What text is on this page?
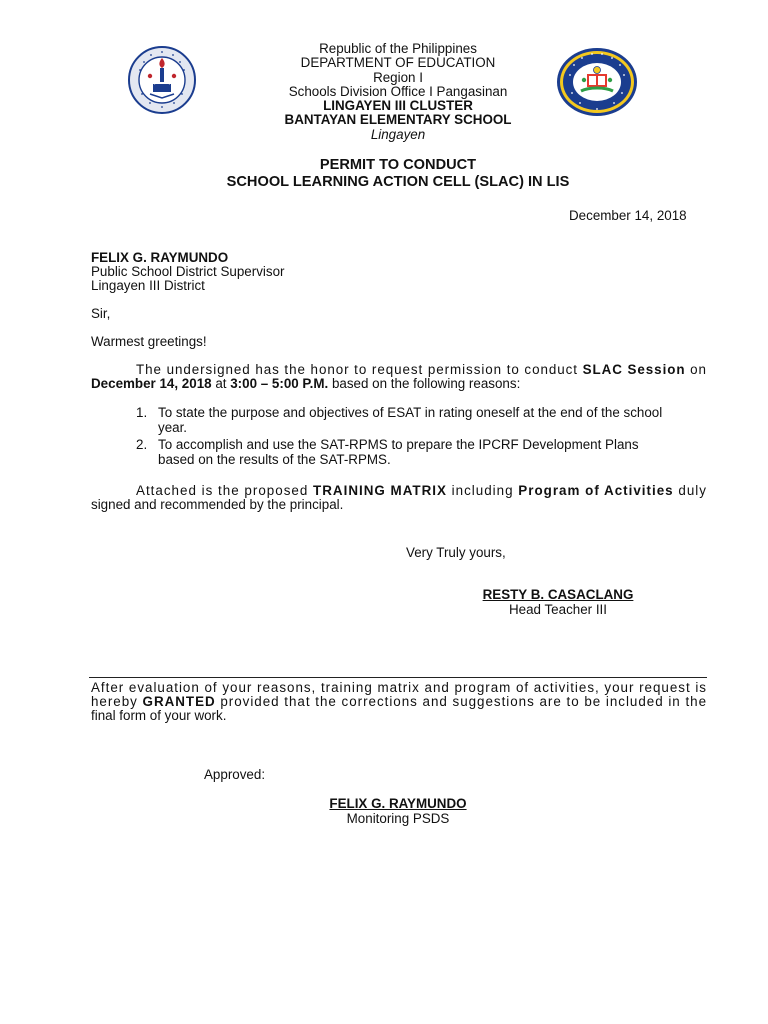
Republic of the Philippines
DEPARTMENT OF EDUCATION
Region I
Schools Division Office I Pangasinan
LINGAYEN III CLUSTER
BANTAYAN ELEMENTARY SCHOOL
Lingayen
PERMIT TO CONDUCT
SCHOOL LEARNING ACTION CELL (SLAC) IN LIS
December 14, 2018
FELIX G. RAYMUNDO
Public School District Supervisor
Lingayen III District
Sir,
Warmest greetings!
The undersigned has the honor to request permission to conduct SLAC Session on
December 14, 2018 at 3:00 – 5:00 P.M. based on the following reasons:
1. To state the purpose and objectives of ESAT in rating oneself at the end of the school
year.
2. To accomplish and use the SAT-RPMS to prepare the IPCRF Development Plans
based on the results of the SAT-RPMS.
Attached is the proposed TRAINING MATRIX including Program of Activities duly
signed and recommended by the principal.
Very Truly yours,
RESTY B. CASACLANG
Head Teacher III
After evaluation of your reasons, training matrix and program of activities, your request is
hereby GRANTED provided that the corrections and suggestions are to be included in the
final form of your work.
Approved:
FELIX G. RAYMUNDO
Monitoring PSDS
